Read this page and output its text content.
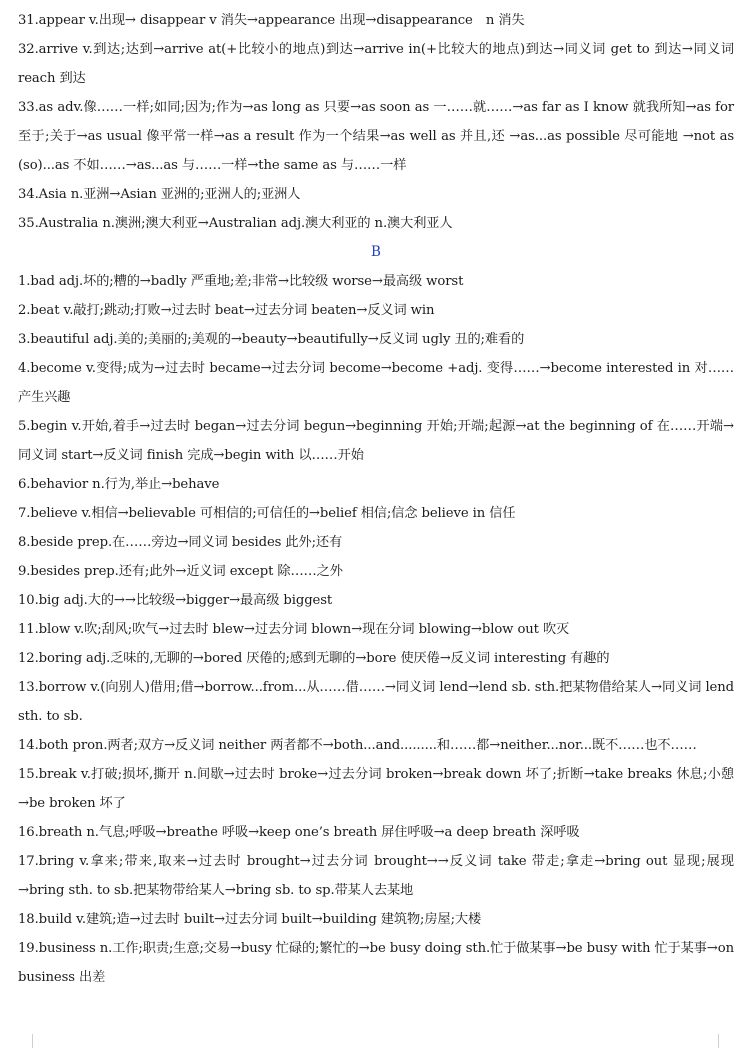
31.appear v.出现→ disappear v 消失→appearance 出现→disappearance　n 消失

32.arrive v.到达;达到→arrive at(+比较小的地点)到达→arrive in(+比较大的地点)到达→同义词 get to 到达→同义词 reach 到达

33.as adv.像……一样;如同;因为;作为→as long as 只要→as soon as 一……就……→as far as I know 就我所知→as for 至于;关于→as usual 像平常一样→as a result 作为一个结果→as well as 并且,还 →as...as possible 尽可能地 →not as (so)...as 不如……→as...as 与……一样→the same as 与……一样

34.Asia n.亚洲→Asian 亚洲的;亚洲人的;亚洲人

35.Australia n.澳洲;澳大利亚→Australian adj.澳大利亚的 n.澳大利亚人

B

1.bad adj.坏的;糟的→badly 严重地;差;非常→比较级 worse→最高级 worst

2.beat v.敲打;跳动;打败→过去时 beat→过去分词 beaten→反义词 win

3.beautiful adj.美的;美丽的;美观的→beauty→beautifully→反义词 ugly 丑的;难看的

4.become v.变得;成为→过去时 became→过去分词 become→become +adj. 变得……→become interested in 对……产生兴趣

5.begin v.开始,着手→过去时 began→过去分词 begun→beginning 开始;开端;起源→at the beginning of 在……开端→同义词 start→反义词 finish 完成→begin with 以……开始

6.behavior n.行为,举止→behave

7.believe v.相信→believable 可相信的;可信任的→belief 相信;信念 believe in 信任

8.beside prep.在……旁边→同义词 besides 此外;还有

9.besides prep.还有;此外→近义词 except 除……之外

10.big adj.大的→→比较级→bigger→最高级 biggest

11.blow v.吹;刮风;吹气→过去时 blew→过去分词 blown→现在分词 blowing→blow out 吹灭

12.boring adj.乏味的,无聊的→bored 厌倦的;感到无聊的→bore 使厌倦→反义词 interesting 有趣的

13.borrow v.(向别人)借用;借→borrow...from...从……借……→同义词 lend→lend sb. sth.把某物借给某人→同义词 lend sth. to sb.

14.both pron.两者;双方→反义词 neither 两者都不→both...and.........和……都→neither...nor...既不……也不……

15.break v.打破;损坏,撕开 n.间歇→过去时 broke→过去分词 broken→break down 坏了;折断→take breaks 休息;小憩→be broken 坏了

16.breath n.气息;呼吸→breathe 呼吸→keep one’s breath 屏住呼吸→a deep breath 深呼吸

17.bring v.拿来;带来,取来→过去时 brought→过去分词 brought→→反义词 take 带走;拿走→bring out 显现;展现→bring sth. to sb.把某物带给某人→bring sb. to sp.带某人去某地

18.build v.建筑;造→过去时 built→过去分词 built→building 建筑物;房屋;大楼

19.business n.工作;职责;生意;交易→busy 忙碌的;繁忙的→be busy doing sth.忙于做某事→be busy with 忙于某事→on business 出差
